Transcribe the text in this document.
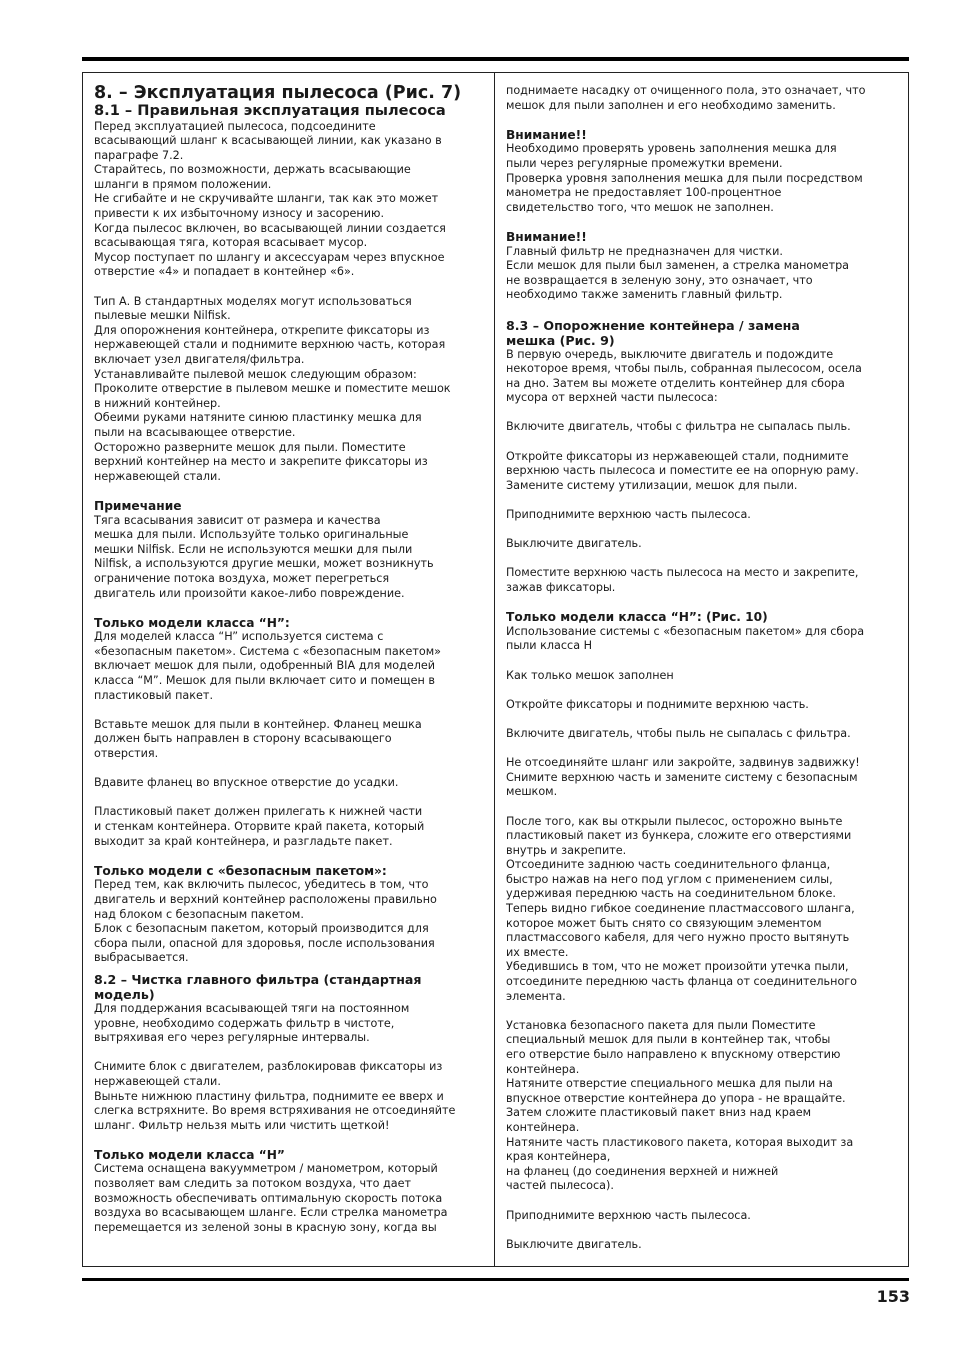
8. – Эксплуатация пылесоса (Рис. 7)
8.1 – Правильная эксплуатация пылесоса

Перед эксплуатацией пылесоса, подсоедините
всасывающий шланг к всасывающей линии, как указано в
параграфе 7.2.
Старайтесь, по возможности, держать всасывающие
шланги в прямом положении.
Не сгибайте и не скручивайте шланги, так как это может
привести к их избыточному износу и засорению.
Когда пылесос включен, во всасывающей линии создается
всасывающая тяга, которая всасывает мусор.
Мусор поступает по шлангу и аксессуарам через впускное
отверстие «4» и попадает в контейнер «6».

Тип А. В стандартных моделях могут использоваться
пылевые мешки Nilfisk.
Для опорожнения контейнера, открепите фиксаторы из
нержавеющей стали и поднимите верхнюю часть, которая
включает узел двигателя/фильтра.
Устанавливайте пылевой мешок следующим образом:
Проколите отверстие в пылевом мешке и поместите мешок
в нижний контейнер.
Обеими руками натяните синюю пластинку мешка для
пыли на всасывающее отверстие.
Осторожно разверните мешок для пыли. Поместите
верхний контейнер на место и закрепите фиксаторы из
нержавеющей стали.

Примечание

Тяга всасывания зависит от размера и качества
мешка для пыли. Используйте только оригинальные
мешки Nilfisk. Если не используются мешки для пыли
Nilfisk, а используются другие мешки, может возникнуть
ограничение потока воздуха, может перегреться
двигатель или произойти какое-либо повреждение.

Только модели класса “H”:

Для моделей класса “H” используется система с
«безопасным пакетом». Система с «безопасным пакетом»
включает мешок для пыли, одобренный BIA для моделей
класса “M”. Мешок для пыли включает сито и помещен в
пластиковый пакет.

Вставьте мешок для пыли в контейнер. Фланец мешка
должен быть направлен в сторону всасывающего
отверстия.

Вдавите фланец во впускное отверстие до усадки.

Пластиковый пакет должен прилегать к нижней части
и стенкам контейнера. Оторвите край пакета, который
выходит за край контейнера, и разгладьте пакет.

Только модели с «безопасным пакетом»:

Перед тем, как включить пылесос, убедитесь в том, что
двигатель и верхний контейнер расположены правильно
над блоком с безопасным пакетом.
Блок с безопасным пакетом, который производится для
сбора пыли, опасной для здоровья, после использования
выбрасывается.

8.2 – Чистка главного фильтра (стандартная
модель)

Для поддержания всасывающей тяги на постоянном
уровне, необходимо содержать фильтр в чистоте,
вытряхивая его через регулярные интервалы.

Снимите блок с двигателем, разблокировав фиксаторы из
нержавеющей стали.
Выньте нижнюю пластину фильтра, поднимите ее вверх и
слегка встряхните. Во время встряхивания не отсоединяйте
шланг. Фильтр нельзя мыть или чистить щеткой!

Только модели класса “H”

Система оснащена вакуумметром / манометром, который
позволяет вам следить за потоком воздуха, что дает
возможность обеспечивать оптимальную скорость потока
воздуха во всасывающем шланге. Если стрелка манометра
перемещается из зеленой зоны в красную зону, когда вы

поднимаете насадку от очищенного пола, это означает, что
мешок для пыли заполнен и его необходимо заменить.

Внимание!!

Необходимо проверять уровень заполнения мешка для
пыли через регулярные промежутки времени.
Проверка уровня заполнения мешка для пыли посредством
манометра не предоставляет 100-процентное
свидетельство того, что мешок не заполнен.

Внимание!!

Главный фильтр не предназначен для чистки.
Если мешок для пыли был заменен, а стрелка манометра
не возвращается в зеленую зону, это означает, что
необходимо также заменить главный фильтр.

8.3 – Опорожнение контейнера / замена
мешка (Рис. 9)

В первую очередь, выключите двигатель и подождите
некоторое время, чтобы пыль, собранная пылесосом, осела
на дно. Затем вы можете отделить контейнер для сбора
мусора от верхней части пылесоса:

Включите двигатель, чтобы с фильтра не сыпалась пыль.

Откройте фиксаторы из нержавеющей стали, поднимите
верхнюю часть пылесоса и поместите ее на опорную раму.
Замените систему утилизации, мешок для пыли.

Приподнимите верхнюю часть пылесоса.

Выключите двигатель.

Поместите верхнюю часть пылесоса на место и закрепите,
зажав фиксаторы.

Только модели класса “H”: (Рис. 10)

Использование системы с «безопасным пакетом» для сбора
пыли класса H

Как только мешок заполнен

Откройте фиксаторы и поднимите верхнюю часть.

Включите двигатель, чтобы пыль не сыпалась с фильтра.

Не отсоединяйте шланг или закройте, задвинув задвижку!
Снимите верхнюю часть и замените систему с безопасным
мешком.

После того, как вы открыли пылесос, осторожно выньте
пластиковый пакет из бункера, сложите его отверстиями
внутрь и закрепите.
Отсоедините заднюю часть соединительного фланца,
быстро нажав на него под углом с применением силы,
удерживая переднюю часть на соединительном блоке.
Теперь видно гибкое соединение пластмассового шланга,
которое может быть снято со связующим элементом
пластмассового кабеля, для чего нужно просто вытянуть
их вместе.
Убедившись в том, что не может произойти утечка пыли,
отсоедините переднюю часть фланца от соединительного
элемента.

Установка безопасного пакета для пыли Поместите
специальный мешок для пыли в контейнер так, чтобы
его отверстие было направлено к впускному отверстию
контейнера.
Натяните отверстие специального мешка для пыли на
впускное отверстие контейнера до упора - не вращайте.
Затем сложите пластиковый пакет вниз над краем
контейнера.
Натяните часть пластикового пакета, которая выходит за
края контейнера,
на фланец (до соединения верхней и нижней
частей пылесоса).

Приподнимите верхнюю часть пылесоса.

Выключите двигатель.

153
